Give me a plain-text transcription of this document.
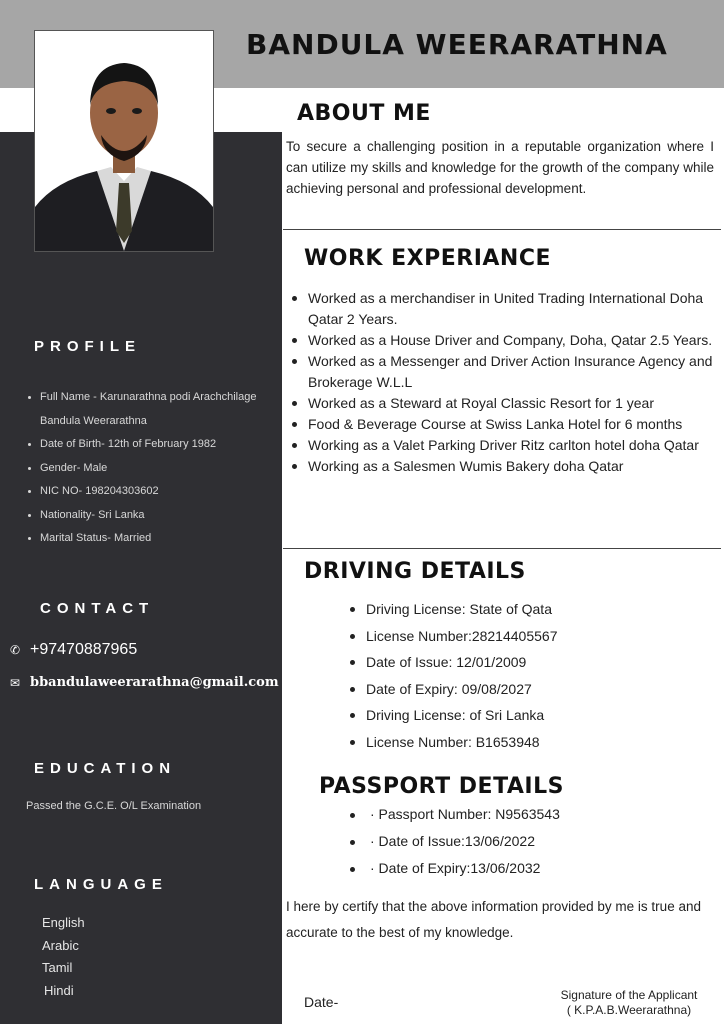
BANDULA WEERARATHNA
PROFILE
Full Name - Karunarathna podi Arachchilage Bandula Weerarathna
Date of Birth- 12th of February 1982
Gender- Male
NIC NO- 198204303602
Nationality- Sri Lanka
Marital Status- Married
CONTACT
✆ +97470887965
✉ bbandulaweerarathna@gmail.com
EDUCATION

Passed the G.C.E. O/L Examination

LANGUAGE
English
Arabic
Tamil
Hindi
ABOUT ME

To secure a challenging position in a reputable organization where I can utilize my skills and knowledge for the growth of the company while achieving personal and professional development.

WORK EXPERIANCE
Worked as a merchandiser in United Trading International Doha Qatar 2 Years.
Worked as a House Driver and Company, Doha, Qatar 2.5 Years.
Worked as a Messenger and Driver Action Insurance Agency and Brokerage W.L.L
Worked as a Steward at Royal Classic Resort for 1 year
Food & Beverage Course at Swiss Lanka Hotel for 6 months
Working as a Valet Parking Driver Ritz carlton hotel doha Qatar
Working as a Salesmen Wumis Bakery doha Qatar
DRIVING DETAILS
Driving License: State of Qata
License Number:28214405567
Date of Issue: 12/01/2009
Date of Expiry: 09/08/2027
Driving License: of Sri Lanka
License Number: B1653948
PASSPORT DETAILS
· Passport Number: N9563543
· Date of Issue:13/06/2022
· Date of Expiry:13/06/2032

I here by certify that the above information provided by me is true and accurate to the best of my knowledge.

Date-	Signature of the Applicant
( K.P.A.B.Weerarathna)
